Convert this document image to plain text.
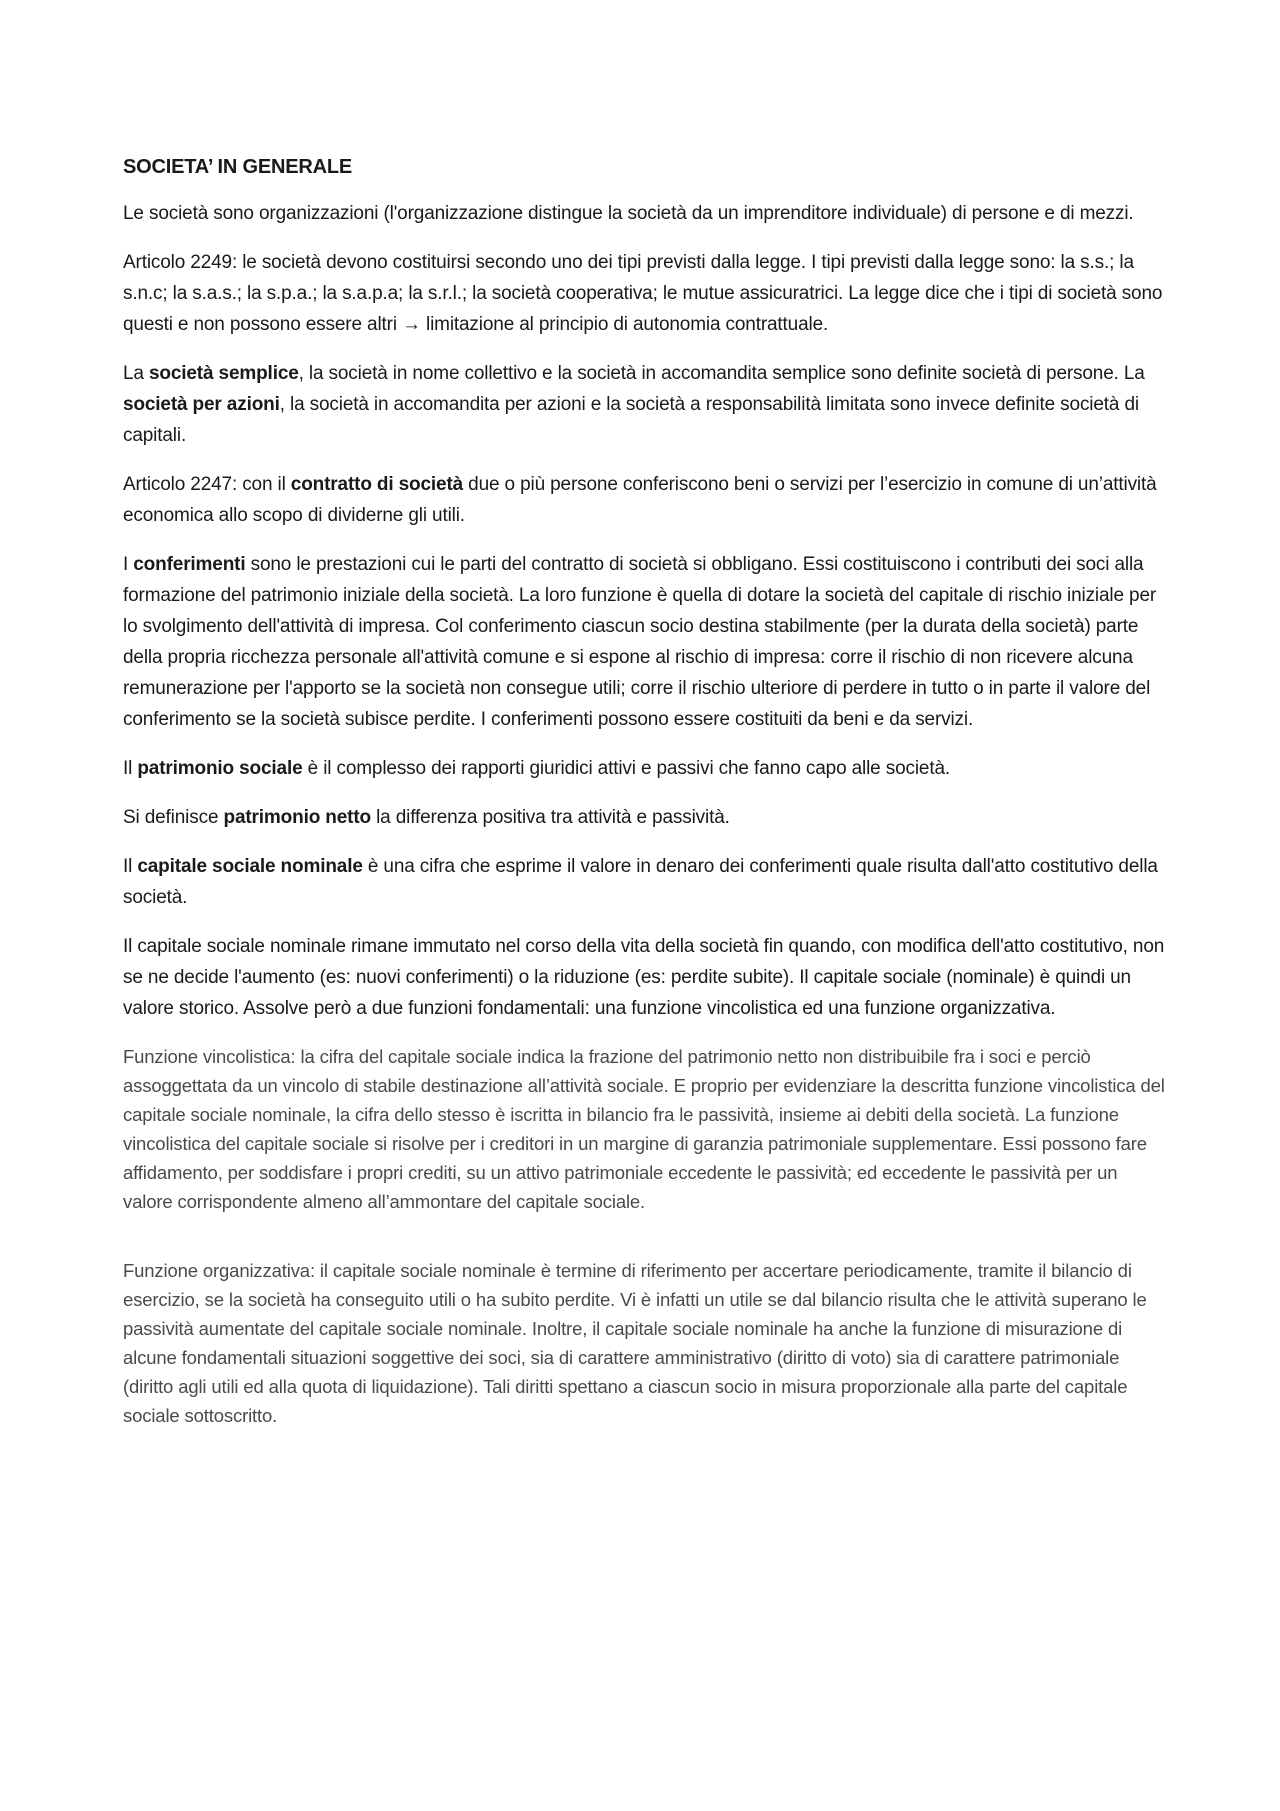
SOCIETA’ IN GENERALE

Le società sono organizzazioni (l'organizzazione distingue la società da un imprenditore individuale) di persone e di mezzi.

Articolo 2249: le società devono costituirsi secondo uno dei tipi previsti dalla legge. I tipi previsti dalla legge sono: la s.s.; la s.n.c; la s.a.s.; la s.p.a.; la s.a.p.a; la s.r.l.; la società cooperativa; le mutue assicuratrici. La legge dice che i tipi di società sono questi e non possono essere altri → limitazione al principio di autonomia contrattuale.

La società semplice, la società in nome collettivo e la società in accomandita semplice sono definite società di persone. La società per azioni, la società in accomandita per azioni e la società a responsabilità limitata sono invece definite società di capitali.

Articolo 2247: con il contratto di società due o più persone conferiscono beni o servizi per l’esercizio in comune di un’attività economica allo scopo di dividerne gli utili.

I conferimenti sono le prestazioni cui le parti del contratto di società si obbligano. Essi costituiscono i contributi dei soci alla formazione del patrimonio iniziale della società. La loro funzione è quella di dotare la società del capitale di rischio iniziale per lo svolgimento dell'attività di impresa. Col conferimento ciascun socio destina stabilmente (per la durata della società) parte della propria ricchezza personale all'attività comune e si espone al rischio di impresa: corre il rischio di non ricevere alcuna remunerazione per l'apporto se la società non consegue utili; corre il rischio ulteriore di perdere in tutto o in parte il valore del conferimento se la società subisce perdite. I conferimenti possono essere costituiti da beni e da servizi.

Il patrimonio sociale è il complesso dei rapporti giuridici attivi e passivi che fanno capo alle società.

Si definisce patrimonio netto la differenza positiva tra attività e passività.

Il capitale sociale nominale è una cifra che esprime il valore in denaro dei conferimenti quale risulta dall'atto costitutivo della società.

Il capitale sociale nominale rimane immutato nel corso della vita della società fin quando, con modifica dell'atto costitutivo, non se ne decide l'aumento (es: nuovi conferimenti) o la riduzione (es: perdite subite). Il capitale sociale (nominale) è quindi un valore storico. Assolve però a due funzioni fondamentali: una funzione vincolistica ed una funzione organizzativa.

Funzione vincolistica: la cifra del capitale sociale indica la frazione del patrimonio netto non distribuibile fra i soci e perciò assoggettata da un vincolo di stabile destinazione all’attività sociale. E proprio per evidenziare la descritta funzione vincolistica del capitale sociale nominale, la cifra dello stesso è iscritta in bilancio fra le passività, insieme ai debiti della società. La funzione vincolistica del capitale sociale si risolve per i creditori in un margine di garanzia patrimoniale supplementare. Essi possono fare affidamento, per soddisfare i propri crediti, su un attivo patrimoniale eccedente le passività; ed eccedente le passività per un valore corrispondente almeno all’ammontare del capitale sociale.

Funzione organizzativa: il capitale sociale nominale è termine di riferimento per accertare periodicamente, tramite il bilancio di esercizio, se la società ha conseguito utili o ha subito perdite. Vi è infatti un utile se dal bilancio risulta che le attività superano le passività aumentate del capitale sociale nominale. Inoltre, il capitale sociale nominale ha anche la funzione di misurazione di alcune fondamentali situazioni soggettive dei soci, sia di carattere amministrativo (diritto di voto) sia di carattere patrimoniale (diritto agli utili ed alla quota di liquidazione). Tali diritti spettano a ciascun socio in misura proporzionale alla parte del capitale sociale sottoscritto.
